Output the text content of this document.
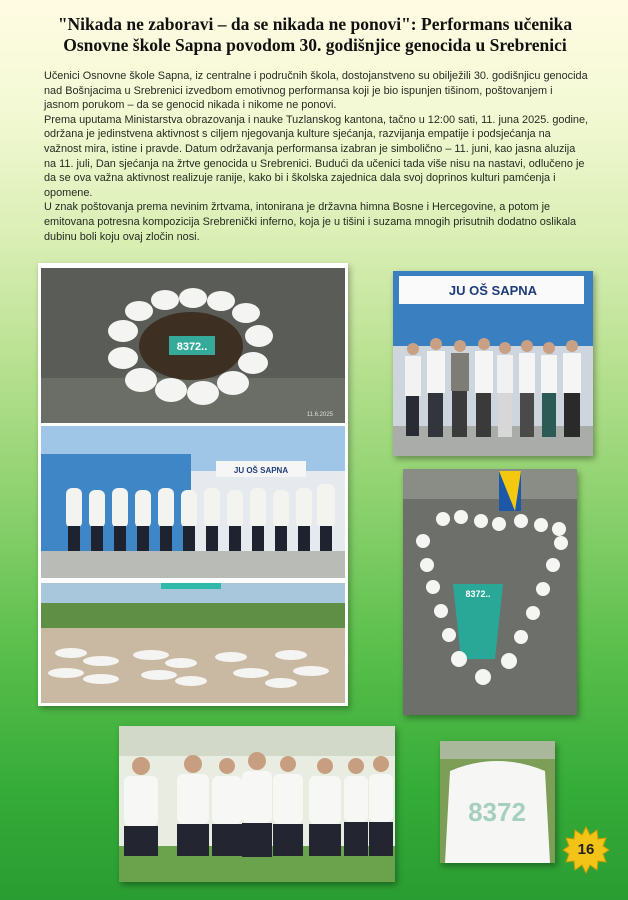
"Nikada ne zaboravi – da se nikada ne ponovi": Performans učenika
Osnovne škole Sapna povodom 30. godišnjice genocida u Srebrenici

Učenici Osnovne škole Sapna, iz centralne i područnih škola, dostojanstveno su obilježili 30. godišnjicu genocida nad Bošnjacima u Srebrenici izvedbom emotivnog performansa koji je bio ispunjen tišinom, poštovanjem i jasnom porukom – da se genocid nikada i nikome ne ponovi.

Prema uputama Ministarstva obrazovanja i nauke Tuzlanskog kantona, tačno u 12:00 sati, 11. juna 2025. godine, održana je jedinstvena aktivnost s ciljem njegovanja kulture sjećanja, razvijanja empatije i podsjećanja na važnost mira, istine i pravde. Datum održavanja performansa izabran je simbolično – 11. juni, kao jasna aluzija na 11. juli, Dan sjećanja na žrtve genocida u Srebrenici. Budući da učenici tada više nisu na nastavi, odlučeno je da se ova važna aktivnost realizuje ranije, kako bi i školska zajednica dala svoj doprinos kulturi pamćenja i opomene.

U znak poštovanja prema nevinim žrtvama, intonirana je državna himna Bosne i Hercegovine, a potom je emitovana potresna kompozicija Srebrenički inferno, koja je u tišini i suzama mnogih prisutnih dodatno oslikala dubinu boli koju ovaj zločin nosi.

8372..
11.6.2025
JU OŠ SAPNA
JU OŠ SAPNA
8372..
8372
16
